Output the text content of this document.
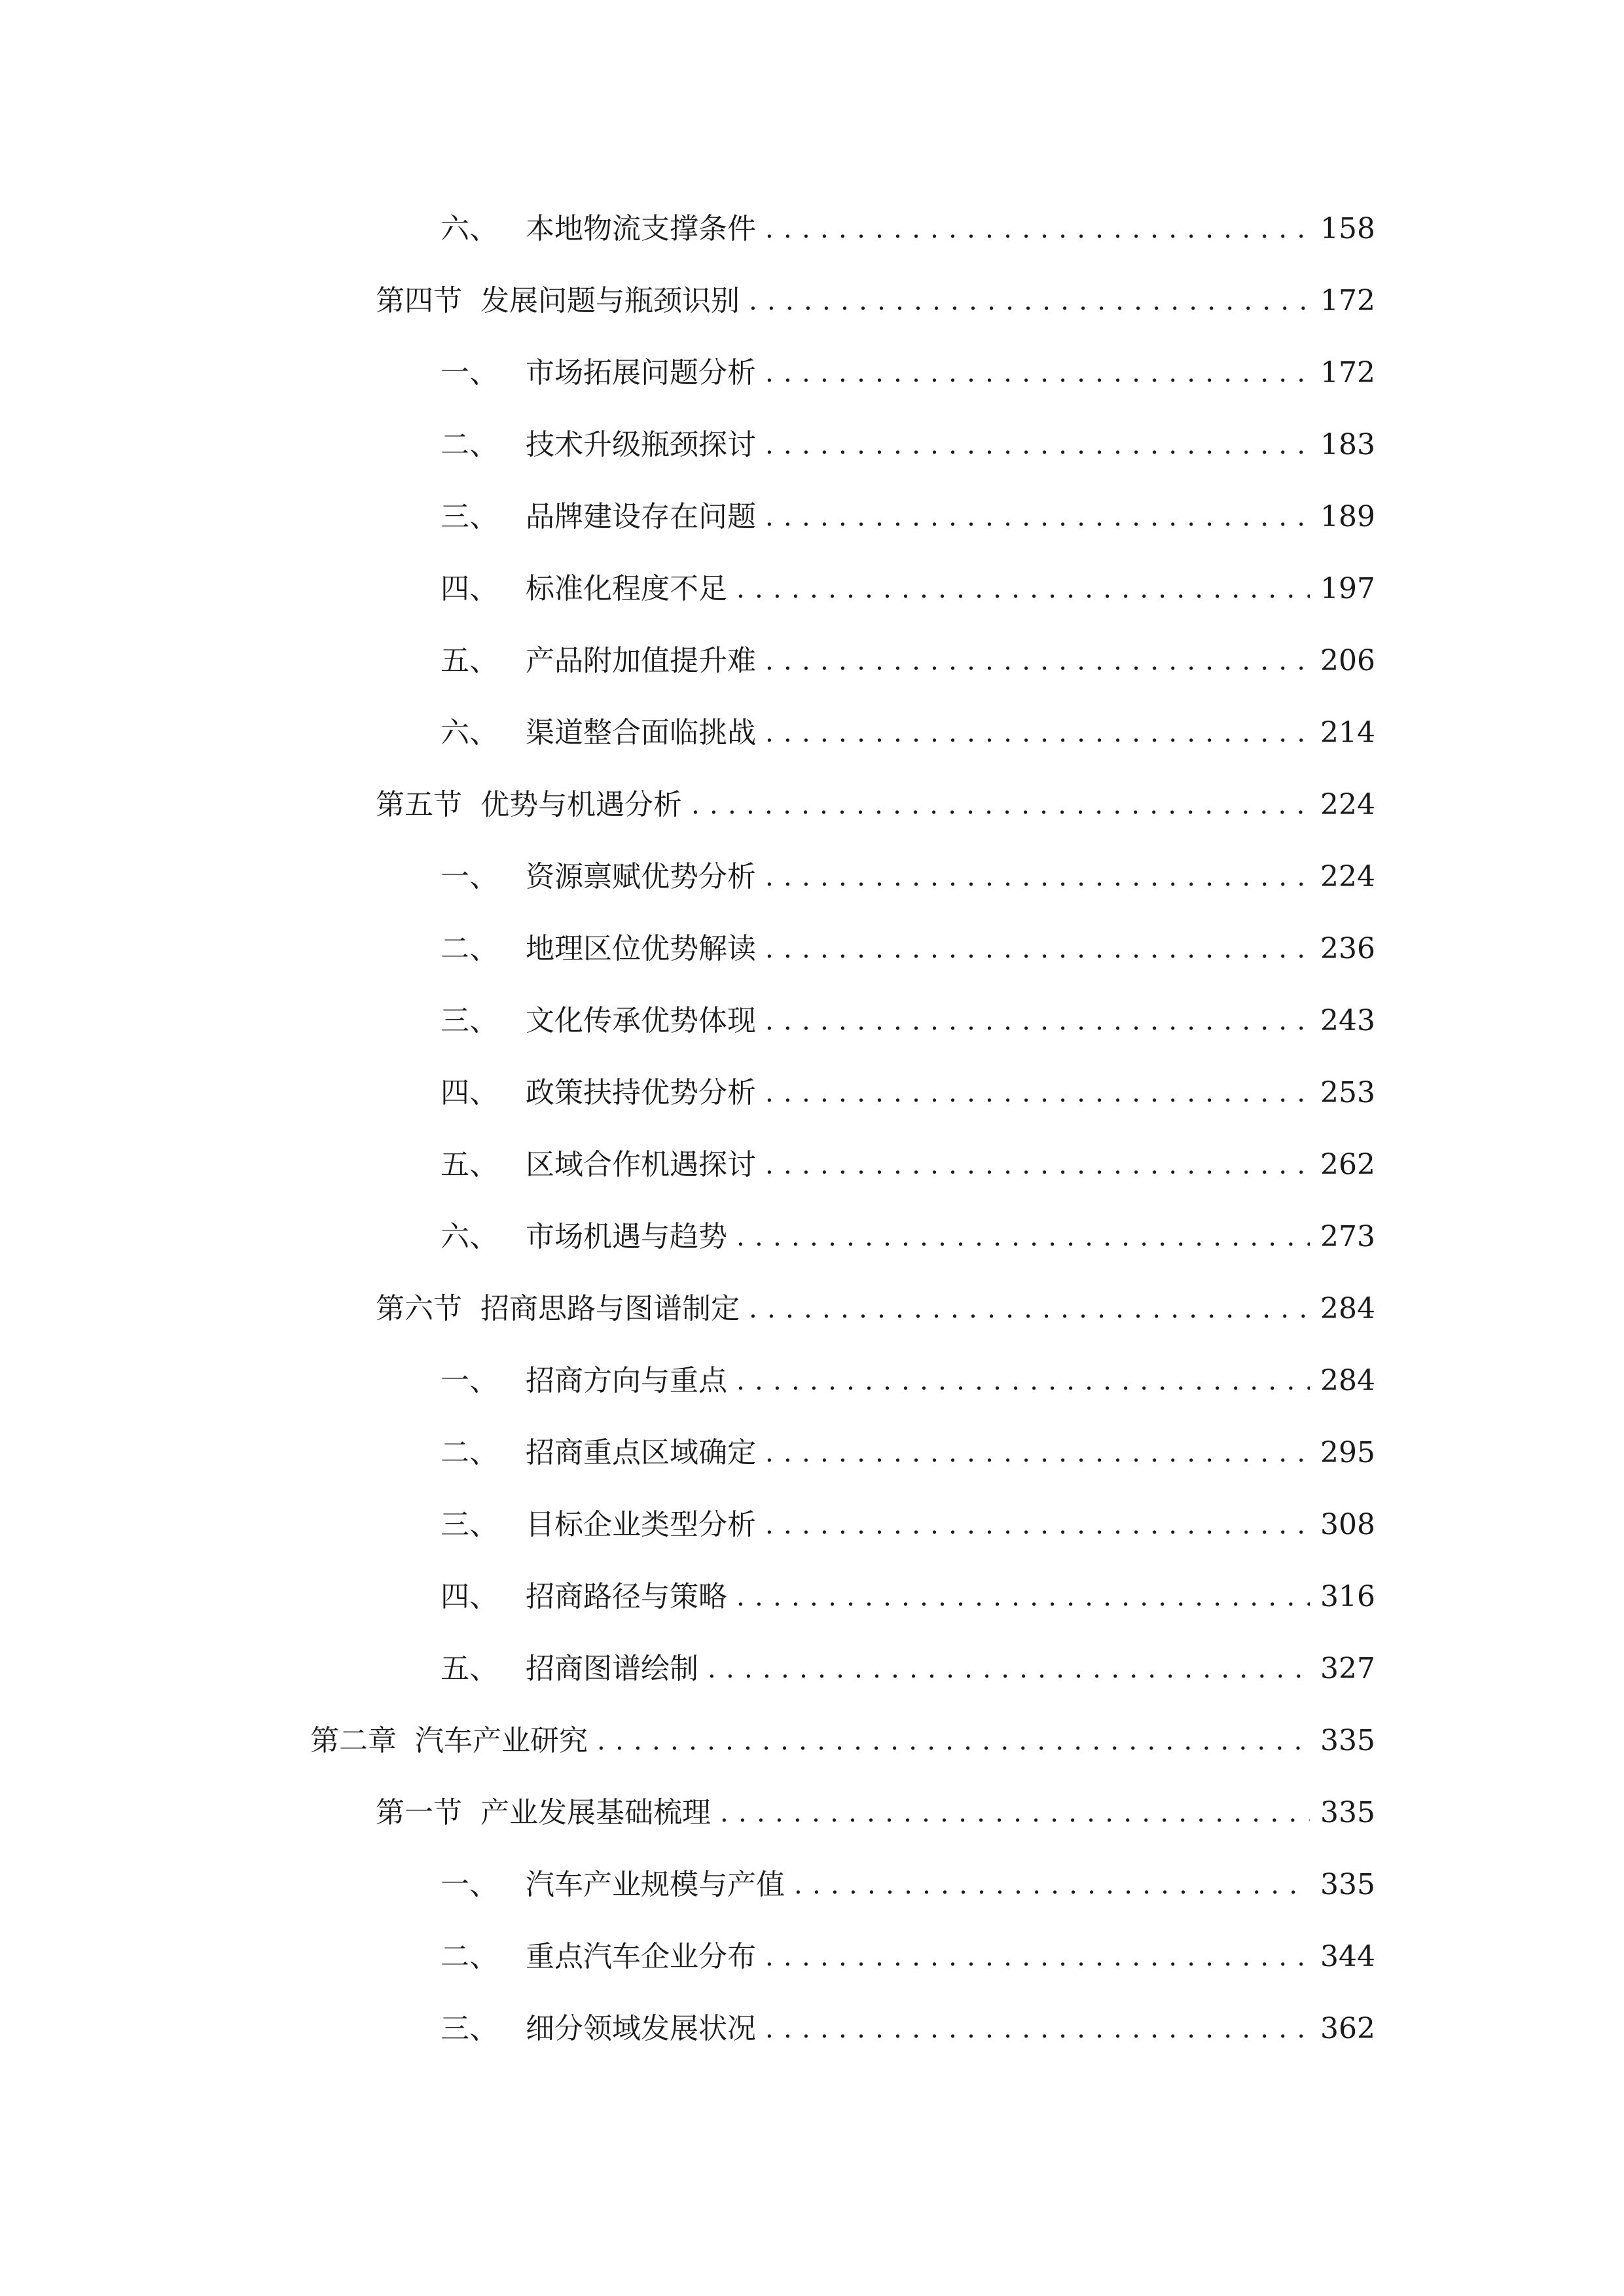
六、 本地物流支撑条件 .....	158
第四节 发展问题与瓶颈识别 .....	172
一、 市场拓展问题分析 .....	172
二、 技术升级瓶颈探讨 .....	183
三、 品牌建设存在问题 .....	189
四、 标准化程度不足 .....	197
五、 产品附加值提升难 .....	206
六、 渠道整合面临挑战 .....	214
第五节 优势与机遇分析 .....	224
一、 资源禀赋优势分析 .....	224
二、 地理区位优势解读 .....	236
三、 文化传承优势体现 .....	243
四、 政策扶持优势分析 .....	253
五、 区域合作机遇探讨 .....	262
六、 市场机遇与趋势 .....	273
第六节 招商思路与图谱制定 .....	284
一、 招商方向与重点 .....	284
二、 招商重点区域确定 .....	295
三、 目标企业类型分析 .....	308
四、 招商路径与策略 .....	316
五、 招商图谱绘制 .....	327
第二章 汽车产业研究 .....	335
第一节 产业发展基础梳理 .....	335
一、 汽车产业规模与产值 .....	335
二、 重点汽车企业分布 .....	344
三、 细分领域发展状况 .....	362
